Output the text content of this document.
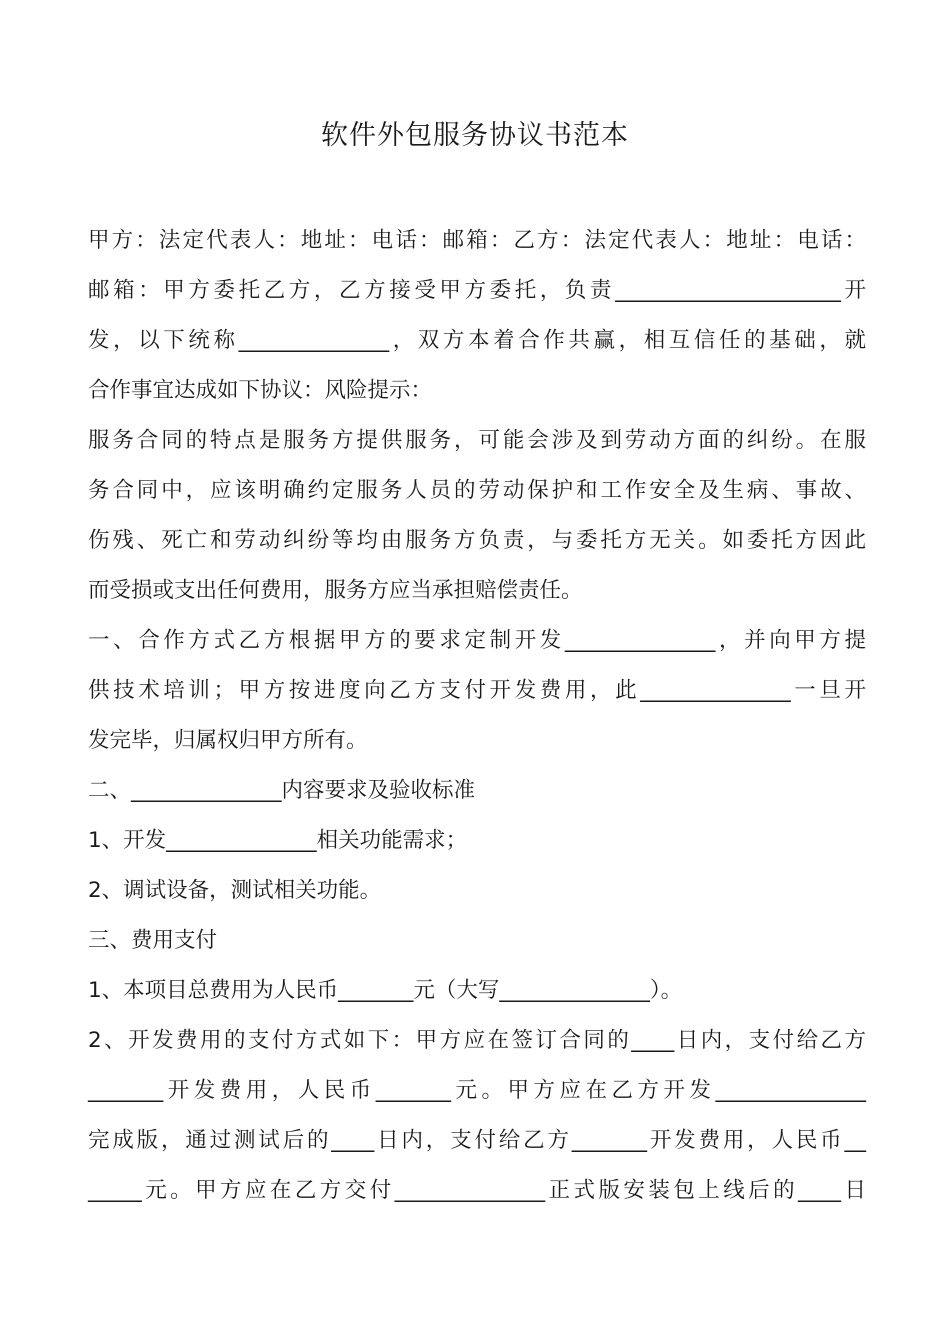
软件外包服务协议书范本
甲方：法定代表人：地址：电话：邮箱：乙方：法定代表人：地址：电话：
邮箱：甲方委托乙方，乙方接受甲方委托，负责_____________________开
发，以下统称______________，双方本着合作共赢，相互信任的基础，就
合作事宜达成如下协议：风险提示：
服务合同的特点是服务方提供服务，可能会涉及到劳动方面的纠纷。在服
务合同中，应该明确约定服务人员的劳动保护和工作安全及生病、事故、
伤残、死亡和劳动纠纷等均由服务方负责，与委托方无关。如委托方因此
而受损或支出任何费用，服务方应当承担赔偿责任。
一、合作方式乙方根据甲方的要求定制开发______________，并向甲方提
供技术培训；甲方按进度向乙方支付开发费用，此______________一旦开
发完毕，归属权归甲方所有。
二、______________内容要求及验收标准
1、开发______________相关功能需求；
2、调试设备，测试相关功能。
三、费用支付
1、本项目总费用为人民币_______元（大写______________）。
2、开发费用的支付方式如下：甲方应在签订合同的____日内，支付给乙方
_______开发费用，人民币_______元。甲方应在乙方开发______________
完成版，通过测试后的____日内，支付给乙方_______开发费用，人民币__
_____元。甲方应在乙方交付______________正式版安装包上线后的____日
